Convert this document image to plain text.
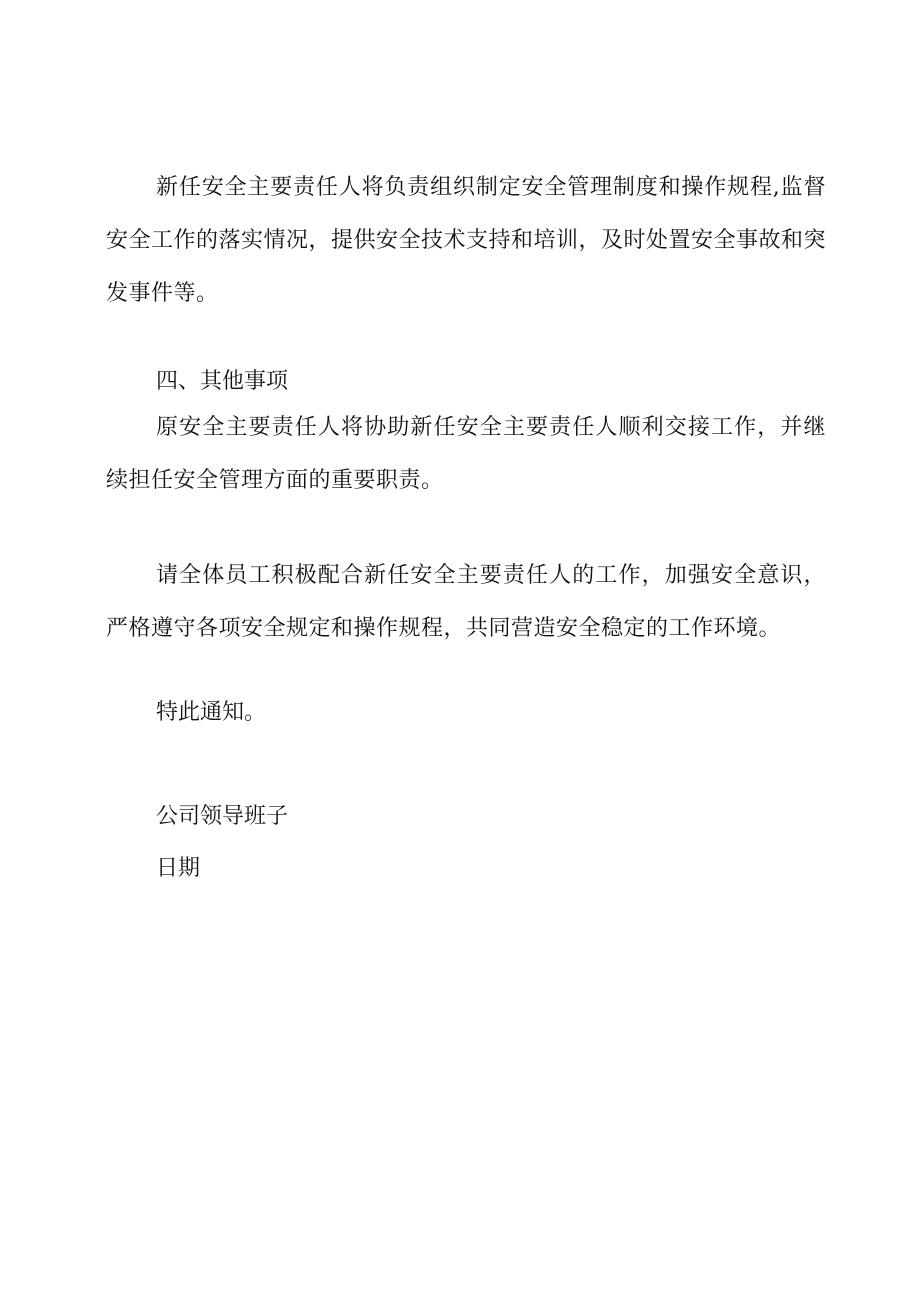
新任安全主要责任人将负责组织制定安全管理制度和操作规程,监督安全工作的落实情况，提供安全技术支持和培训，及时处置安全事故和突发事件等。

四、其他事项

原安全主要责任人将协助新任安全主要责任人顺利交接工作，并继续担任安全管理方面的重要职责。

请全体员工积极配合新任安全主要责任人的工作，加强安全意识，严格遵守各项安全规定和操作规程，共同营造安全稳定的工作环境。

特此通知。

公司领导班子

日期
